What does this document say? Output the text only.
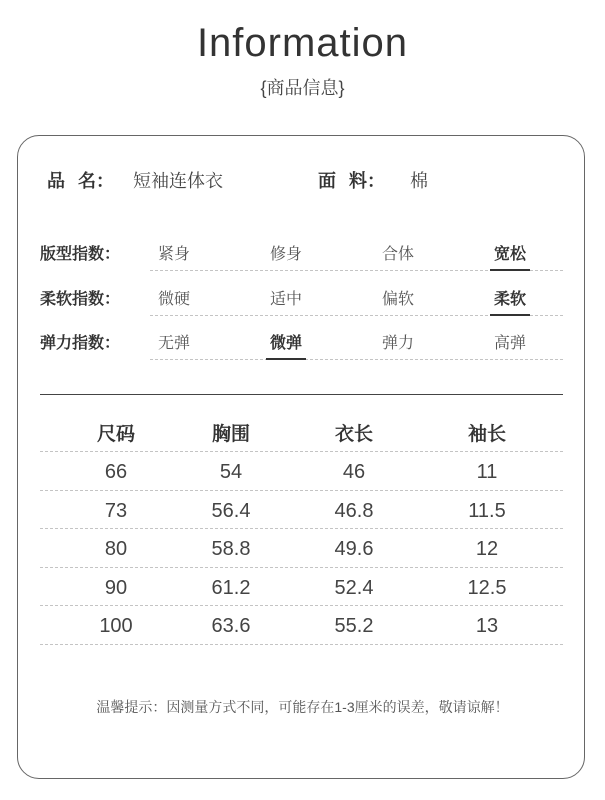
Information
{商品信息}
品 名： 短袖连体衣	面 料： 棉
版型指数： 紧身	修身	合体	宽松
柔软指数： 微硬	适中	偏软	柔软
弹力指数： 无弹	微弹	弹力	高弹
尺码	胸围	衣长	袖长
66	54	46	11
73	56.4	46.8	11.5
80	58.8	49.6	12
90	61.2	52.4	12.5
100	63.6	55.2	13
温馨提示：因测量方式不同，可能存在1-3厘米的误差，敬请谅解！
